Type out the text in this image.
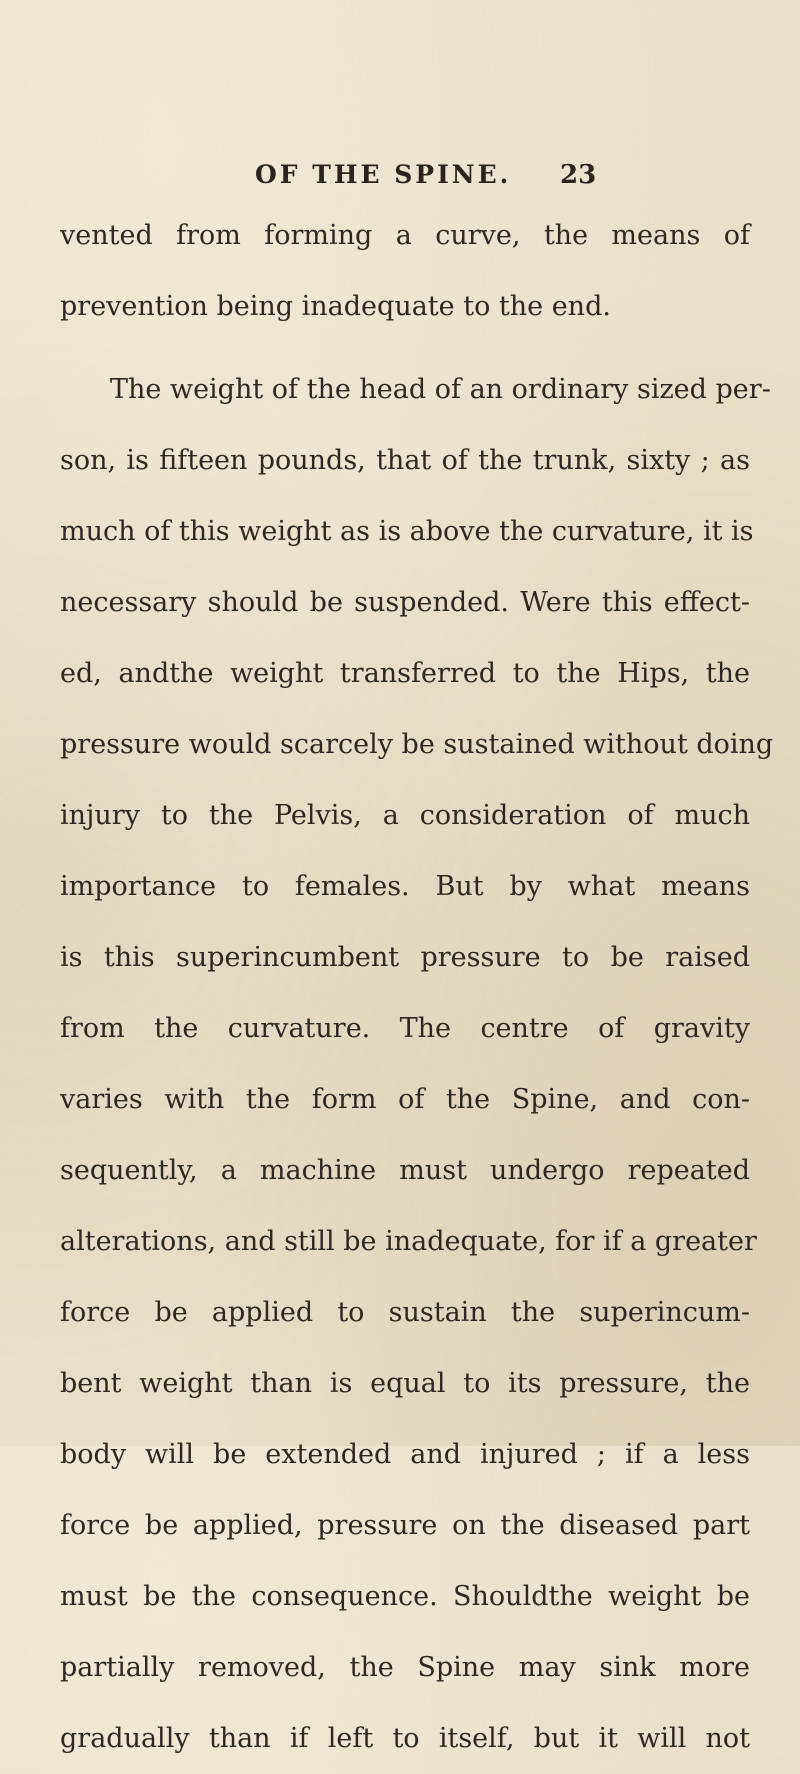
OF THE SPINE. 23
vented from forming a curve, the means of
prevention being inadequate to the end.
The weight of the head of an ordinary sized per-
son, is fifteen pounds, that of the trunk, sixty ; as
much of this weight as is above the curvature, it is
necessary should be suspended. Were this effect-
ed, andthe weight transferred to the Hips, the
pressure would scarcely be sustained without doing
injury to the Pelvis, a consideration of much
importance to females. But by what means
is this superincumbent pressure to be raised
from the curvature. The centre of gravity
varies with the form of the Spine, and con-
sequently, a machine must undergo repeated
alterations, and still be inadequate, for if a greater
force be applied to sustain the superincum-
bent weight than is equal to its pressure, the
body will be extended and injured ; if a less
force be applied, pressure on the diseased part
must be the consequence. Shouldthe weight be
partially removed, the Spine may sink more
gradually than if left to itself, but it will not
